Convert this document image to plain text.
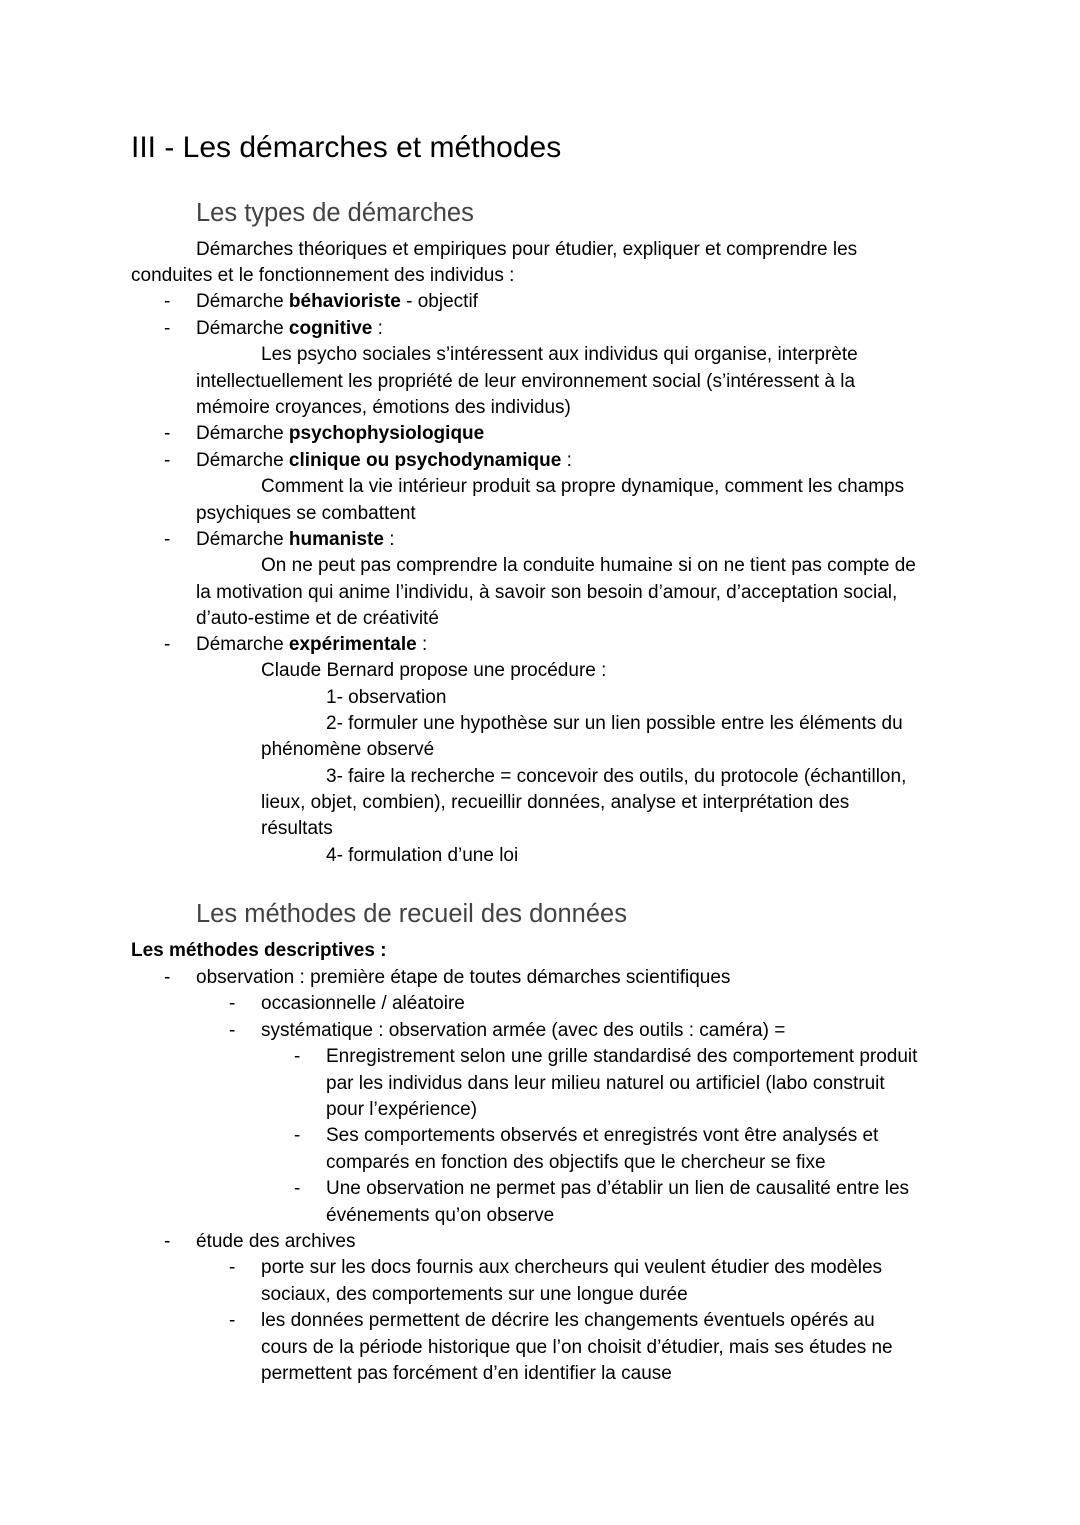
III - Les démarches et méthodes
Les types de démarches
Démarches théoriques et empiriques pour étudier, expliquer et comprendre les
conduites et le fonctionnement des individus :
Démarche béhavioriste - objectif
-
Démarche cognitive :
-
Les psycho sociales s’intéressent aux individus qui organise, interprète
intellectuellement les propriété de leur environnement social (s’intéressent à la
mémoire croyances, émotions des individus)
Démarche psychophysiologique
-
Démarche clinique ou psychodynamique :
-
Comment la vie intérieur produit sa propre dynamique, comment les champs
psychiques se combattent
Démarche humaniste :
-
On ne peut pas comprendre la conduite humaine si on ne tient pas compte de
la motivation qui anime l’individu, à savoir son besoin d’amour, d’acceptation social,
d’auto-estime et de créativité
Démarche expérimentale :
-
Claude Bernard propose une procédure :
1- observation
2- formuler une hypothèse sur un lien possible entre les éléments du
phénomène observé
3- faire la recherche = concevoir des outils, du protocole (échantillon,
lieux, objet, combien), recueillir données, analyse et interprétation des
résultats
4- formulation d’une loi
Les méthodes de recueil des données
Les méthodes descriptives :
observation : première étape de toutes démarches scientifiques
-
occasionnelle / aléatoire
-
systématique : observation armée (avec des outils : caméra) =
-
Enregistrement selon une grille standardisé des comportement produit
-
par les individus dans leur milieu naturel ou artificiel (labo construit
pour l’expérience)
Ses comportements observés et enregistrés vont être analysés et
-
comparés en fonction des objectifs que le chercheur se fixe
Une observation ne permet pas d’établir un lien de causalité entre les
-
événements qu’on observe
étude des archives
-
porte sur les docs fournis aux chercheurs qui veulent étudier des modèles
-
sociaux, des comportements sur une longue durée
les données permettent de décrire les changements éventuels opérés au
-
cours de la période historique que l’on choisit d’étudier, mais ses études ne
permettent pas forcément d’en identifier la cause
